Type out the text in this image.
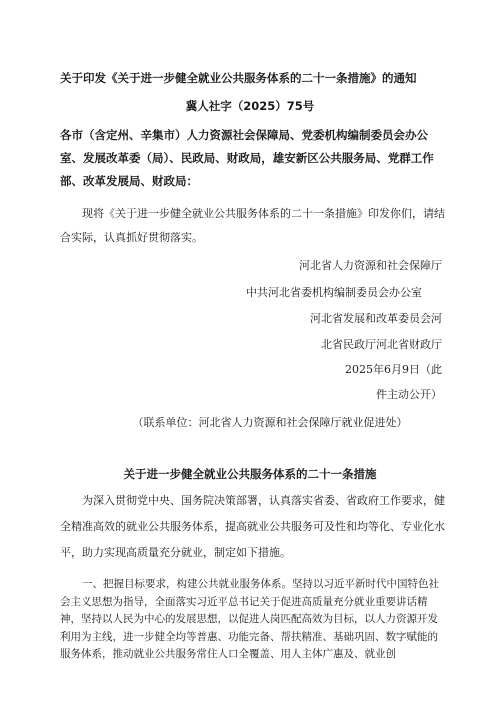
关于印发《关于进一步健全就业公共服务体系的二十一条措施》的通知
冀人社字（2025）75号
各市（含定州、辛集市）人力资源社会保障局、党委机构编制委员会办公室、发展改革委（局）、民政局、财政局，雄安新区公共服务局、党群工作部、改革发展局、财政局：
现将《关于进一步健全就业公共服务体系的二十一条措施》印发你们，请结合实际，认真抓好贯彻落实。
河北省人力资源和社会保障厅
中共河北省委机构编制委员会办公室
河北省发展和改革委员会河
北省民政厅河北省财政厅
2025年6月9日（此
件主动公开）
（联系单位：河北省人力资源和社会保障厅就业促进处）
关于进一步健全就业公共服务体系的二十一条措施
为深入贯彻党中央、国务院决策部署，认真落实省委、省政府工作要求，健全精准高效的就业公共服务体系，提高就业公共服务可及性和均等化、专业化水平，助力实现高质量充分就业，制定如下措施。
一、把握目标要求，构建公共就业服务体系。坚持以习近平新时代中国特色社会主义思想为指导，全面落实习近平总书记关于促进高质量充分就业重要讲话精神，坚持以人民为中心的发展思想，以促进人岗匹配高效为目标，以人力资源开发利用为主线，进一步健全均等普惠、功能完备、帮扶精准、基础巩固、数字赋能的服务体系，推动就业公共服务常住人口全覆盖、用人主体广惠及、就业创
